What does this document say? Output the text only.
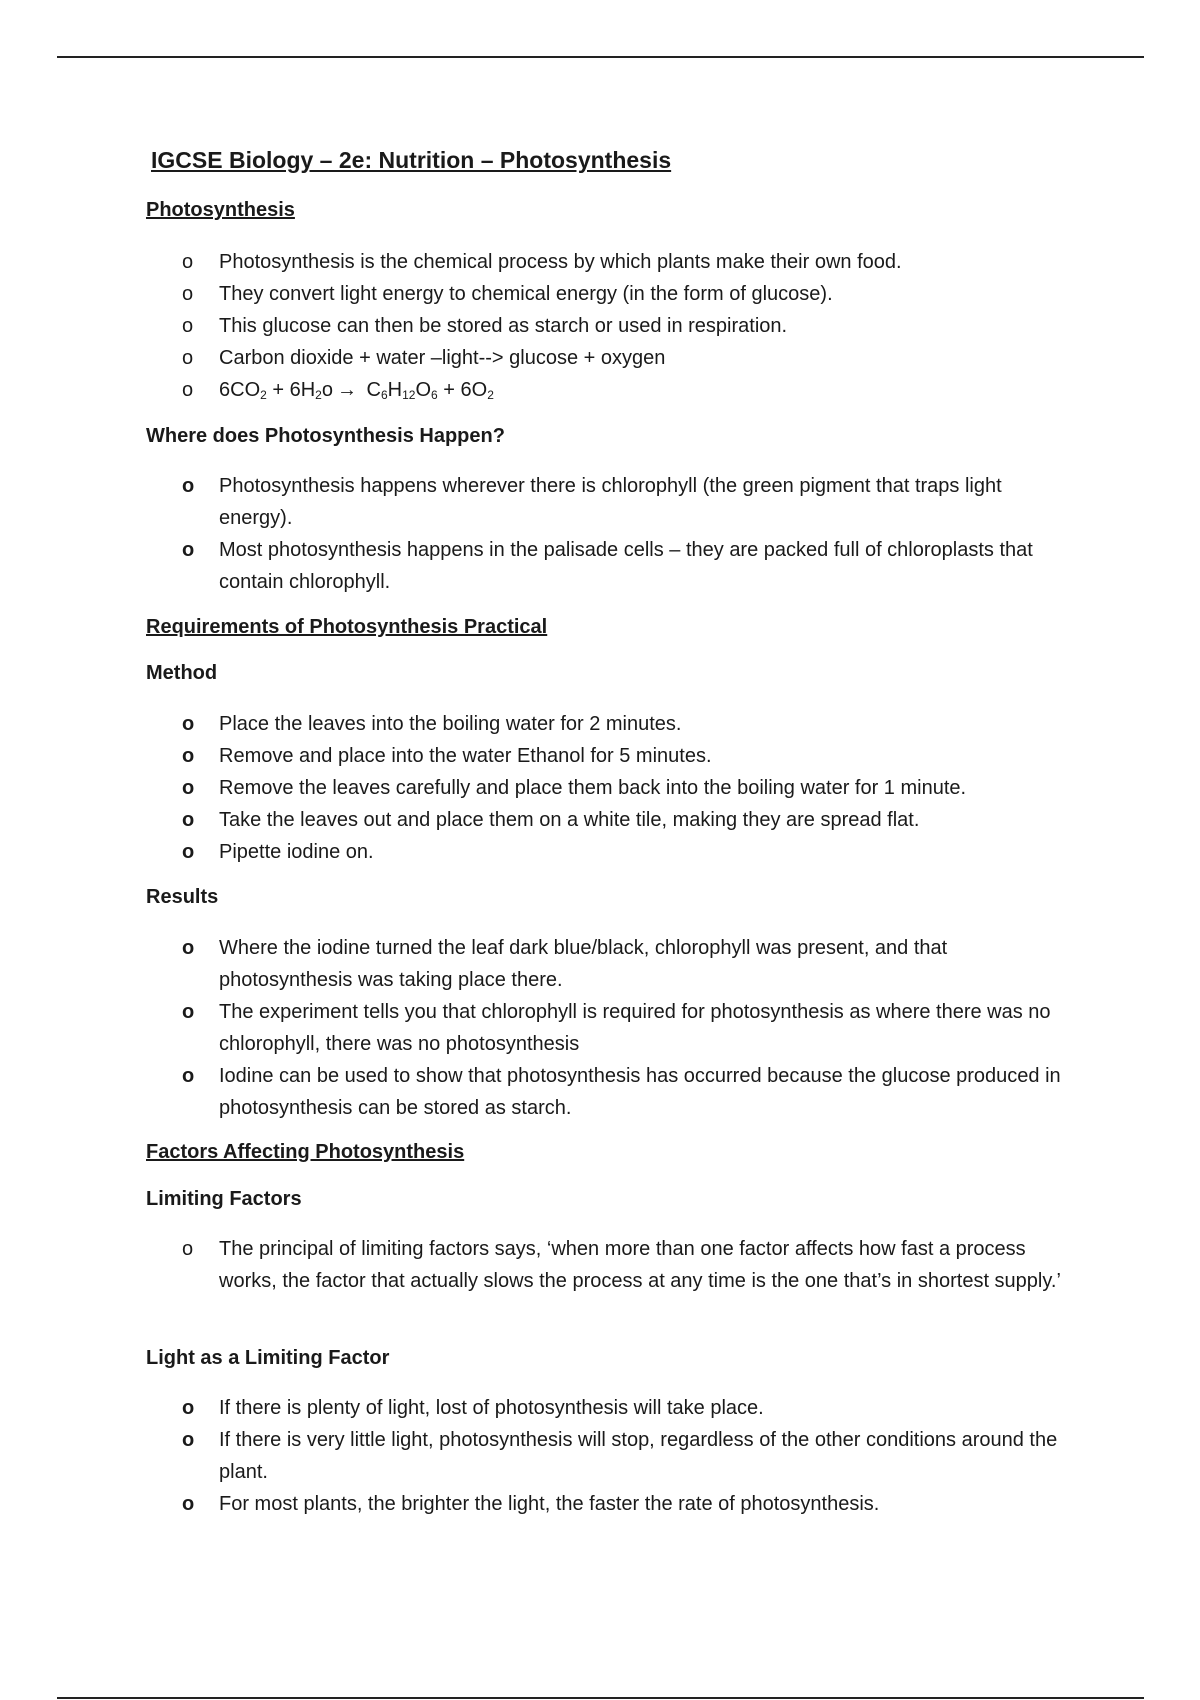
IGCSE Biology – 2e: Nutrition – Photosynthesis
Photosynthesis
o Photosynthesis is the chemical process by which plants make their own food.
o They convert light energy to chemical energy (in the form of glucose).
o This glucose can then be stored as starch or used in respiration.
o Carbon dioxide + water –light--> glucose + oxygen
o $6CO_2 + 6H_2o \to C_6H_{12}O_6 + 6O_2$
Where does Photosynthesis Happen?
o Photosynthesis happens wherever there is chlorophyll (the green pigment that traps light energy).
o Most photosynthesis happens in the palisade cells – they are packed full of chloroplasts that contain chlorophyll.
Requirements of Photosynthesis Practical
Method
o Place the leaves into the boiling water for 2 minutes.
o Remove and place into the water Ethanol for 5 minutes.
o Remove the leaves carefully and place them back into the boiling water for 1 minute.
o Take the leaves out and place them on a white tile, making they are spread flat.
o Pipette iodine on.
Results
o Where the iodine turned the leaf dark blue/black, chlorophyll was present, and that photosynthesis was taking place there.
o The experiment tells you that chlorophyll is required for photosynthesis as where there was no chlorophyll, there was no photosynthesis
o Iodine can be used to show that photosynthesis has occurred because the glucose produced in photosynthesis can be stored as starch.
Factors Affecting Photosynthesis
Limiting Factors
o The principal of limiting factors says, ‘when more than one factor affects how fast a process works, the factor that actually slows the process at any time is the one that’s in shortest supply.’
Light as a Limiting Factor
o If there is plenty of light, lost of photosynthesis will take place.
o If there is very little light, photosynthesis will stop, regardless of the other conditions around the plant.
o For most plants, the brighter the light, the faster the rate of photosynthesis.
